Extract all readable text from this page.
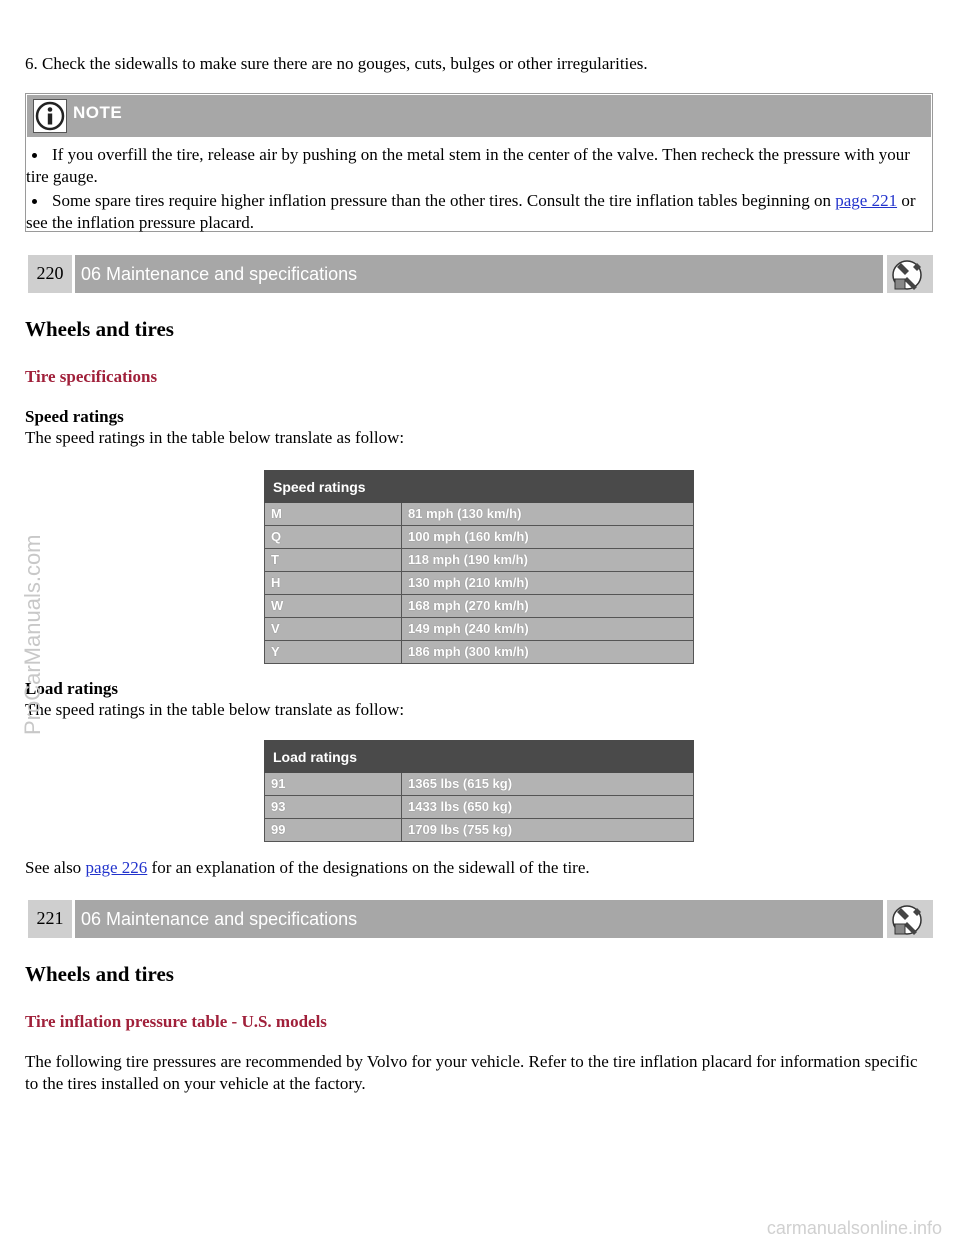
6. Check the sidewalls to make sure there are no gouges, cuts, bulges or other irregularities.

NOTE

If you overfill the tire, release air by pushing on the metal stem in the center of the valve. Then recheck the pressure with your tire gauge.

Some spare tires require higher inflation pressure than the other tires. Consult the tire inflation tables beginning on page 221 or see the inflation pressure placard.

220 06 Maintenance and specifications
Wheels and tires
Tire specifications

Speed ratings

The speed ratings in the table below translate as follow:

Speed ratings	
M	81 mph (130 km/h)
Q	100 mph (160 km/h)
T	118 mph (190 km/h)
H	130 mph (210 km/h)
W	168 mph (270 km/h)
V	149 mph (240 km/h)
Y	186 mph (300 km/h)

Load ratings

The speed ratings in the table below translate as follow:

Load ratings	
91	1365 lbs (615 kg)
93	1433 lbs (650 kg)
99	1709 lbs (755 kg)

See also page 226 for an explanation of the designations on the sidewall of the tire.

221 06 Maintenance and specifications
Wheels and tires
Tire inflation pressure table - U.S. models

The following tire pressures are recommended by Volvo for your vehicle. Refer to the tire inflation placard for information specific to the tires installed on your vehicle at the factory.

ProCarManuals.com
carmanualsonline.info
